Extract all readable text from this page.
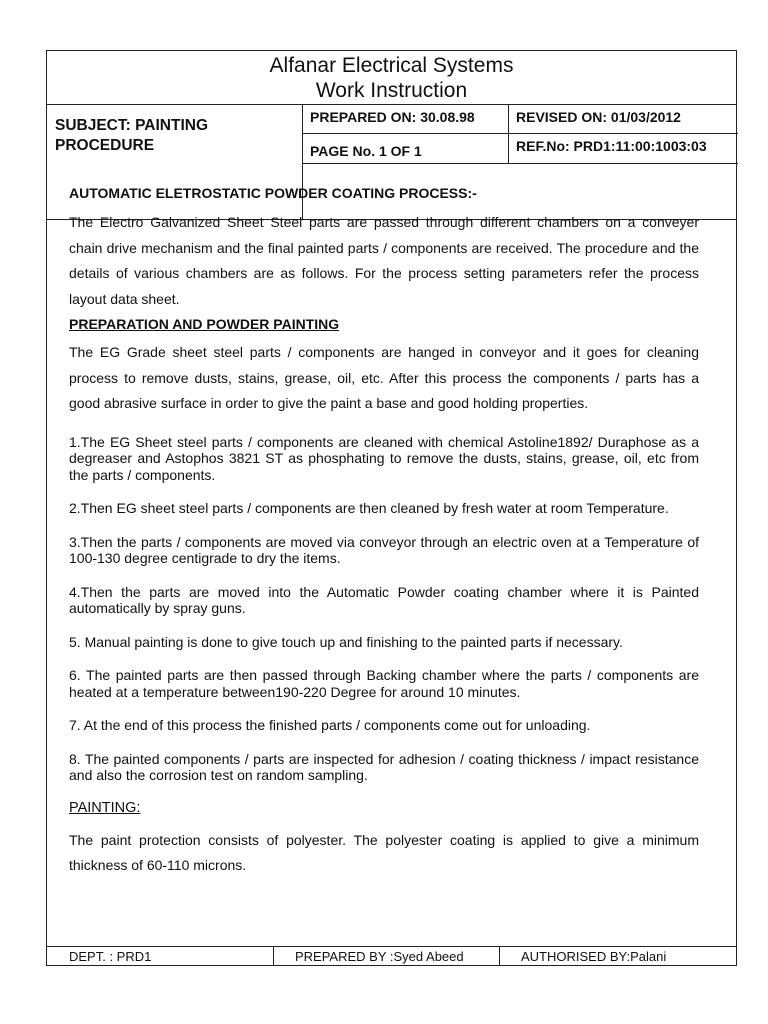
Alfanar Electrical Systems
Work Instruction
SUBJECT: PAINTING
PROCEDURE
PREPARED ON: 30.08.98	REVISED ON: 01/03/2012
PAGE No. 1 OF 1	REF.No: PRD1:11:00:1003:03

AUTOMATIC ELETROSTATIC POWDER COATING PROCESS:-

The Electro Galvanized Sheet Steel parts are passed through different chambers on a conveyer chain drive mechanism and the final painted parts / components are received. The procedure and the details of various chambers are as follows. For the process setting parameters refer the process layout data sheet.

PREPARATION AND POWDER PAINTING

The EG Grade sheet steel parts / components are hanged in conveyor and it goes for cleaning process to remove dusts, stains, grease, oil, etc. After this process the components / parts has a good abrasive surface in order to give the paint a base and good holding properties.

1.The EG Sheet steel parts / components are cleaned with chemical Astoline1892/ Duraphose as a degreaser and Astophos 3821 ST as phosphating to remove the dusts, stains, grease, oil, etc from the parts / components.

2.Then EG sheet steel parts / components are then cleaned by fresh water at room Temperature.

3.Then the parts / components are moved via conveyor through an electric oven at a Temperature of 100-130 degree centigrade to dry the items.

4.Then the parts are moved into the Automatic Powder coating chamber where it is Painted automatically by spray guns.

5. Manual painting is done to give touch up and finishing to the painted parts if necessary.

6. The painted parts are then passed through Backing chamber where the parts / components are heated at a temperature between190-220 Degree for around 10 minutes.

7. At the end of this process the finished parts / components come out for unloading.

8. The painted components / parts are inspected for adhesion / coating thickness / impact resistance and also the corrosion test on random sampling.

PAINTING:

The paint protection consists of polyester. The polyester coating is applied to give a minimum thickness of 60-110 microns.

DEPT. : PRD1	PREPARED BY :Syed Abeed	AUTHORISED BY:Palani
